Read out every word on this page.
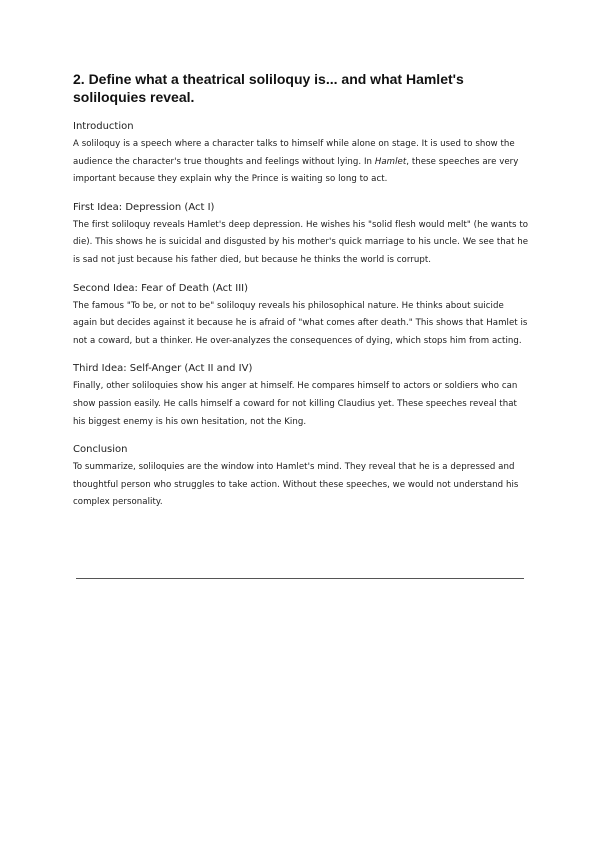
2. Define what a theatrical soliloquy is... and what Hamlet's soliloquies reveal.
Introduction

A soliloquy is a speech where a character talks to himself while alone on stage. It is used to show the audience the character's true thoughts and feelings without lying. In Hamlet, these speeches are very important because they explain why the Prince is waiting so long to act.

First Idea: Depression (Act I)

The first soliloquy reveals Hamlet's deep depression. He wishes his "solid flesh would melt" (he wants to die). This shows he is suicidal and disgusted by his mother's quick marriage to his uncle. We see that he is sad not just because his father died, but because he thinks the world is corrupt.

Second Idea: Fear of Death (Act III)

The famous "To be, or not to be" soliloquy reveals his philosophical nature. He thinks about suicide again but decides against it because he is afraid of "what comes after death." This shows that Hamlet is not a coward, but a thinker. He over-analyzes the consequences of dying, which stops him from acting.

Third Idea: Self-Anger (Act II and IV)

Finally, other soliloquies show his anger at himself. He compares himself to actors or soldiers who can show passion easily. He calls himself a coward for not killing Claudius yet. These speeches reveal that his biggest enemy is his own hesitation, not the King.

Conclusion

To summarize, soliloquies are the window into Hamlet's mind. They reveal that he is a depressed and thoughtful person who struggles to take action. Without these speeches, we would not understand his complex personality.
